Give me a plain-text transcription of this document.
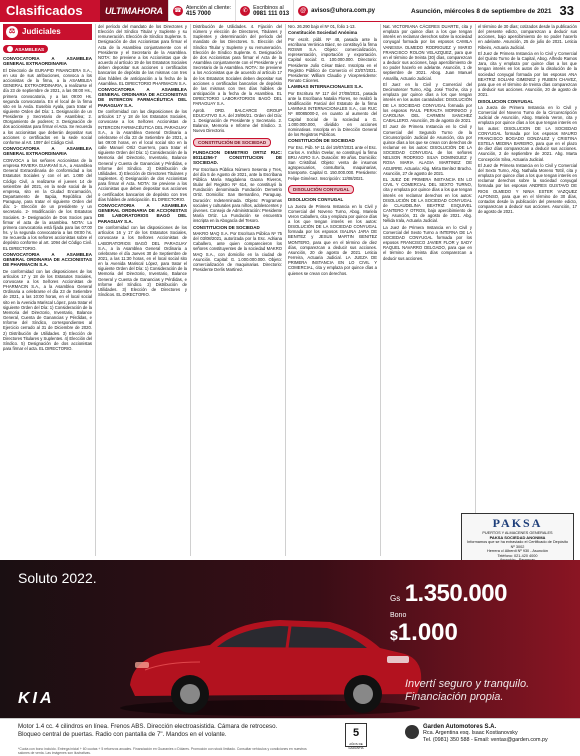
Clasificados	ULTIMAHORA	☎ Atención al cliente:
415 7000	✆	Escribinos al
0981 111 013	@ avisos@uhora.com.py	Asunción, miércoles 8 de septiembre de 2021 33
⚖ Judiciales
ASAMBLEAS

CONVOCATORIA A ASAMBLEA GENERAL EXTRAORDINARIA

El Directorio de EURAPID FINANCIERA S.A., en uso de sus atribuciones, convoca a los accionistas de la firma, a la ASAMBLEA GENERAL EXTRAORDINARIA, a realizarse el día 23 de septiembre de 2021, a las 08:00 Hs., primera convocatoria, y a las 09:00 Hs. segunda convocatoria. En el local de la firma sito en la Avda. Eusebio Ayala, para tratar el siguiente Orden del Día: 1. Designación de un Presidente y Secretario de Asamblea; 2. Otorgamiento de poderes; 3. Designación de dos accionistas para firmar el Acta. Se recuerda a los accionistas que deberán depositar sus acciones o certificados en la sede social conforme al Art. 1097 del Código Civil.

CONVOCATORIA A ASAMBLEA GENERAL EXTRAORDINARIA

CONVOCA a los señores Accionistas de la empresa RIVIERA GUARANÍ S.A., a Asamblea General Extraordinaria de conformidad a los Estatutos Sociales y con el art. 1.080 del Código Civil, a realizarse el jueves 14 de setiembre del 2021, en la sede social de la empresa, sito en la Ciudad Encarnación, Departamento de Itapúa, República del Paraguay, para tratar el siguiente Orden del día: 1- Elección de un presidente y un secretario. 2- Modificación de los Estatutos Sociales. 3- Designación de Dos Socios para firmar el acta de la asamblea. NOTA: La primera convocatoria está fijada para las 07:00 hs. y la segunda convocatoria a las 08:00 hs. Se recuerda a los señores accionistas sobre el depósito conforme al art. 1094 del Código Civil. EL DIRECTORIO.

CONVOCATORIA A ASAMBLEA GENERAL ORDINARIA DE ACCIONISTAS DE PHARMACIN S.A.

De conformidad con las disposiciones de los artículos 17 y 18 de los Estatutos Sociales, convocase a los Señores Accionistas de PHARMACIN S.A., a la Asamblea General Ordinaria a celebrarse el día 23 de Setiembre de 2021, a las 10:00 horas, en el local social sito en la Avenida Mariscal López, para tratar el siguiente Orden del Día: 1) Consideración de la Memoria del Directorio, Inventario, Balance General, Cuenta de Ganancias y Pérdidas, e Informe del Síndico, correspondientes al Ejercicio cerrado al 31 de Diciembre de 2020. 2) Distribución de Utilidades. 3) Elección de Directores Titulares y Suplentes. 4) Elección del Síndico. 5) Designación de dos accionistas para firmar el acta. EL DIRECTORIO.

del período del mandato de los Directores y Elección del Síndico Titular y Suplente y su remuneración. Elección de Síndico Suplente. 5. Designación de dos Accionistas para firmar el Acta de la Asamblea conjuntamente con el Presidente y el Secretario de la Asamblea. NOTA: Se previene a los Accionistas que de acuerdo al artículo 19 de los Estatutos Sociales deben depositar sus acciones o certificados bancarios de depósito de las mismas con tres días hábiles de anticipación a la fecha de la Asamblea. EL DIRECTORIO PHARMACIN S.A.

CONVOCATORIA A ASAMBLEA GENERAL ORDINARIA DE ACCIONISTAS DE INTERCON FARMACÉUTICA DEL PARAGUAY S.A.

De conformidad con las disposiciones de los artículos 17 y 18 de los Estatutos Sociales, convocase a los Señores Accionistas de INTERCON FARMACÉUTICA DEL PARAGUAY S.A., a la Asamblea General Ordinaria a celebrarse el día 23 de Setiembre de 2021, a las 09:00 horas, en el local social sito en la calle Manuel Ortiz Guerrero, para tratar el siguiente Orden del Día: 1) Consideración de la Memoria del Directorio, Inventario, Balance General y Cuenta de Ganancias y Pérdidas, e Informe del Síndico. 2) Distribución de Utilidades. 3) Elección de Directores Titulares y Suplentes. 4) Designación de dos Accionistas para firmar el Acta. NOTA: Se previene a los Accionistas que deben depositar sus acciones o certificados bancarios de depósito con tres días hábiles de anticipación. EL DIRECTORIO.

CONVOCATORIA A ASAMBLEA GENERAL ORDINARIA DE ACCIONISTAS DE LABORATORIOS BAGÓ DEL PARAGUAY S.A.

De conformidad con las disposiciones de los artículos 16 y 17 de los Estatutos Sociales, convocase a los Señores Accionistas de LABORATORIOS BAGÓ DEL PARAGUAY S.A., a la Asamblea General Ordinaria a celebrarse el día Jueves 30 de Septiembre de 2021, a las 11:30 horas, en el local social sito en la Avenida Mariscal López, para tratar el siguiente Orden del Día: 1) Consideración de la Memoria del Directorio, Inventario, Balance General y Cuenta de Ganancias y Pérdidas, e Informe del Síndico. 2) Distribución de Utilidades. 3) Elección de Directores y Síndicos. EL DIRECTORIO.

Distribución de Utilidades. 4. Fijación del número y elección de Directores, Titulares y Suplentes y determinación del período del mandato de los Directores. 5. Elección del Síndico Titular y Suplente y su remuneración. Elección de Síndico Suplente. 6. Designación de dos Accionistas para firmar el Acta de la Asamblea conjuntamente con el Presidente y el Secretario de la Asamblea. NOTA: Se previene a los Accionistas que de acuerdo al artículo 17 de los Estatutos Sociales deben depositar sus acciones o certificados bancarios de depósito de las mismas con tres días hábiles de anticipación a la fecha de la Asamblea. EL DIRECTORIO LABORATORIOS BAGÓ DEL PARAGUAY S.A.

Aprob. ORD. BALCARCE GROUP EDUCATIVO S.A. del 29/06/21. Orden del Día: 1. Designación de Presidente y Secretario. 2. Balance, Memoria e Informe del Síndico. 3. Nuevo Directorio.

CONSTITUCIÓN DE SOCIEDAD

FUNDACION DEMETRIO ORTIZ RUC: 80114256-7 CONSTITUCION DE SOCIEDAD.

Por Escritura Pública Número Sesenta y Tres, del día 5 de Agosto de 2021, ante la Escribana Pública María Magdalena Gaona Riveros, titular del Registro Nº 614, se constituyó la Fundación denominada Fundación Demetrio Ortiz. Domicilio: San Bernardino, Paraguay. Duración: Indeterminada. Objeto: Programas sociales y culturales para niños, adolescentes y jóvenes. Consejo de Administración: Presidente María Ortiz. La Fundación se encuentra inscripta en la Abogacía del Tesoro.

CONSTITUCION DE SOCIEDAD

MAKRO MAQ S.A. Por Escritura Pública Nº 75 del 03/08/2021, autorizada por la Esc. Adriana Caballero, ante quien comparecieron los señores constituyentes de la sociedad MAKRO MAQ S.A., con domicilio en la ciudad de Asunción. Capital: G. 1.000.000.000. Objeto: comercialización de maquinarias. Directorio: Presidente Derlis Martinez.

Nro. 26.290 bajo el Nº 01, folio 1-13.

Constitución Sociedad Anónima

Por escrit. públ. Nº 48, pasada ante la escribana Verónica Báez, se constituyó la firma ROSWI S.A. Objeto: comercialización, representación, importación y exportación. Capital social: G. 100.000.000. Directorio: Presidente Julio César Báez. Inscripta en el Registro Público de Comercio el 23/07/2021. Presidente: William Claudio y Vicepresidente: Renato Cáceres.

LAMINAS INTERNACIONALES S.A.

Por Escritura Nº 117 del 27/08/2021, pasada ante la Escribana Natalia Flores, se realizó la Modificación Parcial del Estatuto de la firma LAMINAS INTERNACIONALES S.A., con RUC Nº 80085000-2, en cuanto al aumento del Capital Social de la sociedad a G. 1.000.000.000, dividido en acciones nominativas. Inscripta en la Dirección General de los Registros Públicos.

CONSTITUCIÓN DE SOCIEDAD

Por Esc. Púb. Nº 11 del 19/07/2021 ante el Esc. Carlos A. Insfrán Ovelar, se constituyó la firma BRU AGRO S.A. Duración: 99 años. Domicilio: San Cristóbal. Objeto: venta de insumos agropecuarios, consultoría, maquinarias, transporte. Capital G. 150.000.000. Presidente: Felipe Giménez. Inscripción: 12/08/2021.

DISOLUCIÓN CONYUGAL

DISOLUCION CONYUGAL

La Jueza de Primera Instancia en lo Civil y Comercial del Noveno Turno, Abog. Mariela Veron Caballero, cita y emplaza por quince días a los que tengan interés en los autos: DISOLUCIÓN DE LA SOCIEDAD CONYUGAL formada por los esposos ISALINA JARA DE BENITEZ y JESUS MARTIN BENITEZ MONTERO, para que en el término de diez días, comparezcan a deducir sus acciones. Asunción, 20 de agosto de 2021. Leticia Ferreira, Actuaria Judicial. LA JUEZA DE PRIMERA INSTANCIA EN LO CIVIL Y COMERCIAL, cita y emplaza por quince días a quienes se crean con derechos.

Nat. VICTORIANA CÁCERES DUARTE, cita y emplaza por quince días a los que tengan interés en reclamar derechos sobre la sociedad conyugal formada por los esposos CAMILA VANESSA OLMEDO RODRIGUEZ y MARIO FRANCISCO ROLON VELAZQUEZ, para que en el término de treinta (30) días, comparezcan a deducir sus acciones, bajo apercibimiento de no poder hacerlo en adelante. Asunción, 1 de septiembre de 2021. Abog. Juan Manuel Amarilla, Actuario Judicial.

El Juez en lo Civil y Comercial del Decimotercer Turno, Abg. José Troche, cita y emplaza por quince días a los que tengan interés en los autos caratulados: DISOLUCIÓN DE LA SOCIEDAD CONYUGAL formada por los esposos RAUL PERALTA MORINIGO y CAROLINA DEL CARMEN SANCHEZ CABALLERO. Asunción, 25 de agosto de 2021.

El Juez de Primera Instancia en lo Civil y Comercial del Segundo Turno de la Circunscripción Judicial de Asunción, cita por quince días a los que se crean con derechos de reclamar en los autos: DISOLUCIÓN DE LA SOCIEDAD CONYUGAL de los señores NELSON RODRIGO SILVA DOMINGUEZ y ROSA MARIA ALAGIA MARTINEZ DE AGUIRRE. Actuaria: Abg. Mirta Benítez Bracho. Asunción, 27 de agosto de 2021.

EL JUEZ DE PRIMERA INSTANCIA EN LO CIVIL Y COMERCIAL DEL SEXTO TURNO, cita y emplaza por quince días a los que tengan interés en reclamar derechos en los autos: DISOLUCIÓN DE LA SOCIEDAD CONYUGAL de CLAUDELINA BEATRIZ ESQUIVEL CANTERO Y OTROS, bajo apercibimiento de ley. Asunción, 31 de agosto de 2021. Abg. Nélida Irala, Actuaria Judicial.

La Juez de Primera Instancia en lo Civil y Comercial del Sexto Turno a INTERNA DE LA SOCIEDAD CONYUGAL formada por los esposos FRANCISCO JAVIER FLOR y SADY RAQUEL NAVARRO DELGADO, para que en el término de treinta días comparezcan a deducir sus acciones.

el término de 30 días; cotizados desde la publicación del presente edicto, comparezcan a deducir sus acciones, bajo apercibimiento de no poder hacerlo en adelante. Asunción, 25 de julio de 2021. Leticia Ribeiro, Actuaria Judicial.

El Juez de Primera Instancia en lo Civil y Comercial del Quinto Turno de la Capital, Abog. Alfredo Ramos Jara, cita y emplaza por quince días a los que tengan interés en los autos de la disolución de la sociedad conyugal formada por los esposos ANA BEATRIZ SOLIANI GIMENEZ y RUBEN CHAVEZ, para que en el término de treinta días comparezcan a deducir sus acciones. Asunción, 20 de agosto de 2021.

DISOLUCION CONYUGAL

La Jueza de Primera Instancia en lo Civil y Comercial del Noveno Turno de la Circunscripción Judicial de Asunción, Abog. Mariela Veron, cita y emplaza por quince días a los que tengan interés en los autos: DISOLUCION DE LA SOCIEDAD CONYUGAL formada por los esposos MAURO FRANCISCO BOGADO GONZALEZ y CRISTINA ESTELA MEDINA BAREIRO, para que en el plazo de diez días comparezcan a deducir sus acciones. Asunción, 2 de septiembre de 2021. Abg. Marta Concepción Silva, Actuaria Judicial.

El Juez de Primera Instancia en lo Civil y Comercial del Sexto Turno, Abg. Nathalia Moreno Tottil, cita y emplaza por quince días a los que tengan interés en reclamar derechos sobre la sociedad conyugal formada por los esposos ANDRES GUSTAVO DE RIOS OLMEDO Y NINIA ESTER VAZQUEZ ALFONSO, para que en el término de 30 días, contados desde la publicación del presente edicto, comparezcan a deducir sus acciones. Asunción, 17 de agosto de 2021.

PAKSA
PUERTOS Y ALMACENES GENERALES
PAKSA SOCIEDAD ANONIMA
Informamos que se ha extraviado el Certificado de Depósito Nº 3002
Herrera c/ Alberdi Nº 930 - Asunción
Teléfono: 021-420 4000
Soluto 2022.
Gs 1.350.000
Bono
$1.000
Invertí seguro y tranquilo.
Financiación propia.
KIA
Motor 1.4 cc. 4 cilindros en línea. Frenos ABS. Dirección electroasistida. Cámara de retroceso.
Bloqueo central de puertas. Radio con pantalla de 7". Mandos en el volante.
*Cuota con bono incluido. Entrega inicial + 60 cuotas + 5 refuerzos anuales. Financiación en Guaraníes o Dólares. Promoción con stock limitado. Consultar vehículos y condiciones en nuestros salones de venta. Las imágenes son ilustrativas.
5
AÑOS DE GARANTÍA
Garden Automotores S.A.
Rca. Argentina esq. Isaac Kostianovsky
Tel. (0981) 350 588 - Email: ventas@garden.com.py
